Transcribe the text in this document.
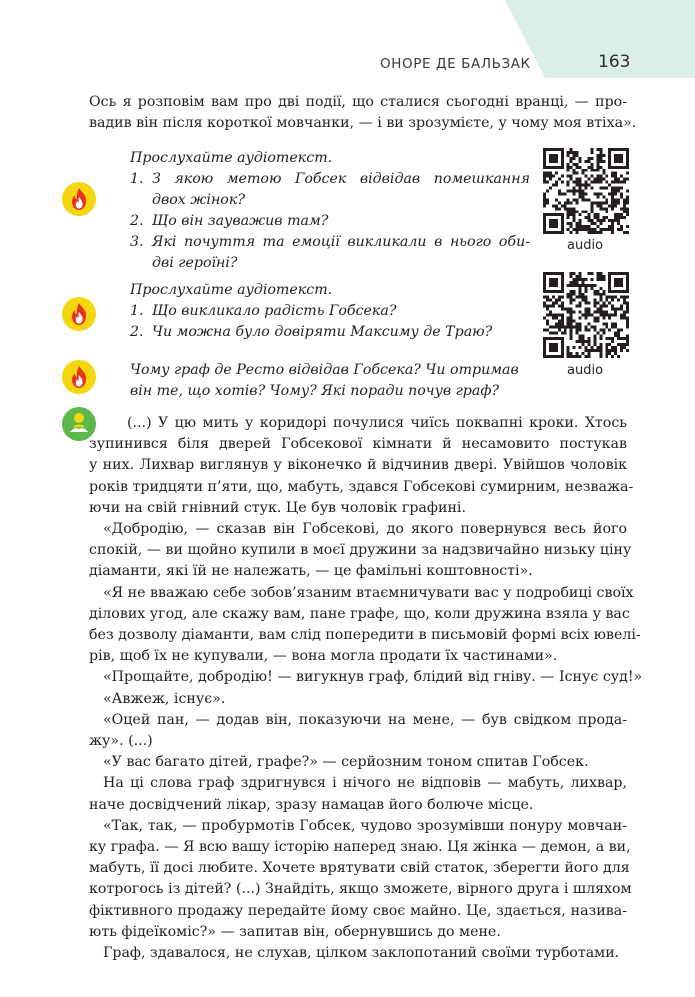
ОНОРЕ ДЕ БАЛЬЗАК	163
Ось я розповім вам про дві події, що сталися сьогодні вранці, — про-
вадив він після короткої мовчанки, — і ви зрозумієте, у чому моя втіха».
Прослухайте аудіотекст.
1. З якою метою Гобсек відвідав помешкання
двох жінок?
2. Що він зауважив там?
3. Які почуття та емоції викликали в нього оби-
дві героїні?
audio
Прослухайте аудіотекст.
1. Що викликало радість Гобсека?
2. Чи можна було довіряти Максиму де Траю?
audio
Чому граф де Ресто відвідав Гобсека? Чи отримав
він те, що хотів? Чому? Які поради почув граф?
(...) У цю мить у коридорі почулися чиїсь поквапні кроки. Хтось
зупинився біля дверей Гобсекової кімнати й несамовито постукав
у них. Лихвар виглянув у віконечко й відчинив двері. Увійшов чоловік
років тридцяти п’яти, що, мабуть, здався Гобсекові сумирним, незважа-
ючи на свій гнівний стук. Це був чоловік графині.
«Добродію, — сказав він Гобсекові, до якого повернувся весь його
спокій, — ви щойно купили в моєї дружини за надзвичайно низьку ціну
діаманти, які їй не належать, — це фамільні коштовності».
«Я не вважаю себе зобов’язаним втаємничувати вас у подробиці своїх
ділових угод, але скажу вам, пане графе, що, коли дружина взяла у вас
без дозволу діаманти, вам слід попередити в письмовій формі всіх ювелі-
рів, щоб їх не купували, — вона могла продати їх частинами».
«Прощайте, добродію! — вигукнув граф, блідий від гніву. — Існує суд!»
«Авжеж, існує».
«Оцей пан, — додав він, показуючи на мене, — був свідком прода-
жу». (...)
«У вас багато дітей, графе?» — серйозним тоном спитав Гобсек.
На ці слова граф здригнувся і нічого не відповів — мабуть, лихвар,
наче досвідчений лікар, зразу намацав його болюче місце.
«Так, так, — пробурмотів Гобсек, чудово зрозумівши понуру мовчан-
ку графа. — Я всю вашу історію наперед знаю. Ця жінка — демон, а ви,
мабуть, її досі любите. Хочете врятувати свій статок, зберегти його для
котрогось із дітей? (...) Знайдіть, якщо зможете, вірного друга і шляхом
фіктивного продажу передайте йому своє майно. Це, здається, назива-
ють фідеїкоміс?» — запитав він, обернувшись до мене.
Граф, здавалося, не слухав, цілком заклопотаний своїми турботами.
